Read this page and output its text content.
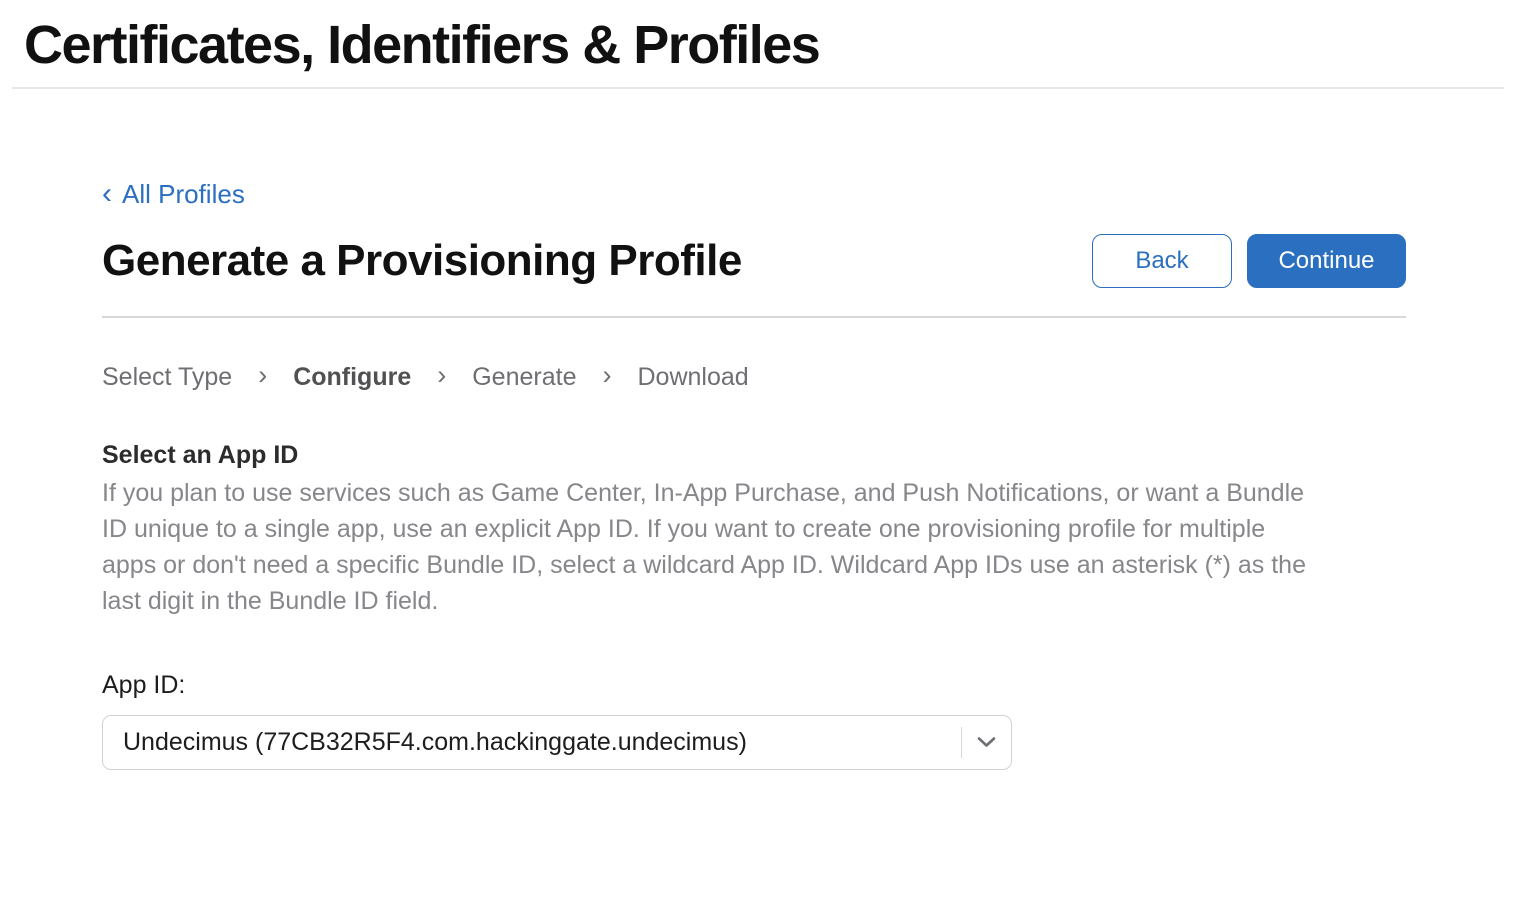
Certificates, Identifiers & Profiles
‹ All Profiles
Generate a Provisioning Profile	Back	Continue
Select Type › Configure › Generate › Download
Select an App ID
If you plan to use services such as Game Center, In-App Purchase, and Push Notifications, or want a Bundle
ID unique to a single app, use an explicit App ID. If you want to create one provisioning profile for multiple
apps or don't need a specific Bundle ID, select a wildcard App ID. Wildcard App IDs use an asterisk (*) as the
last digit in the Bundle ID field.
App ID:
Undecimus (77CB32R5F4.com.hackinggate.undecimus)
